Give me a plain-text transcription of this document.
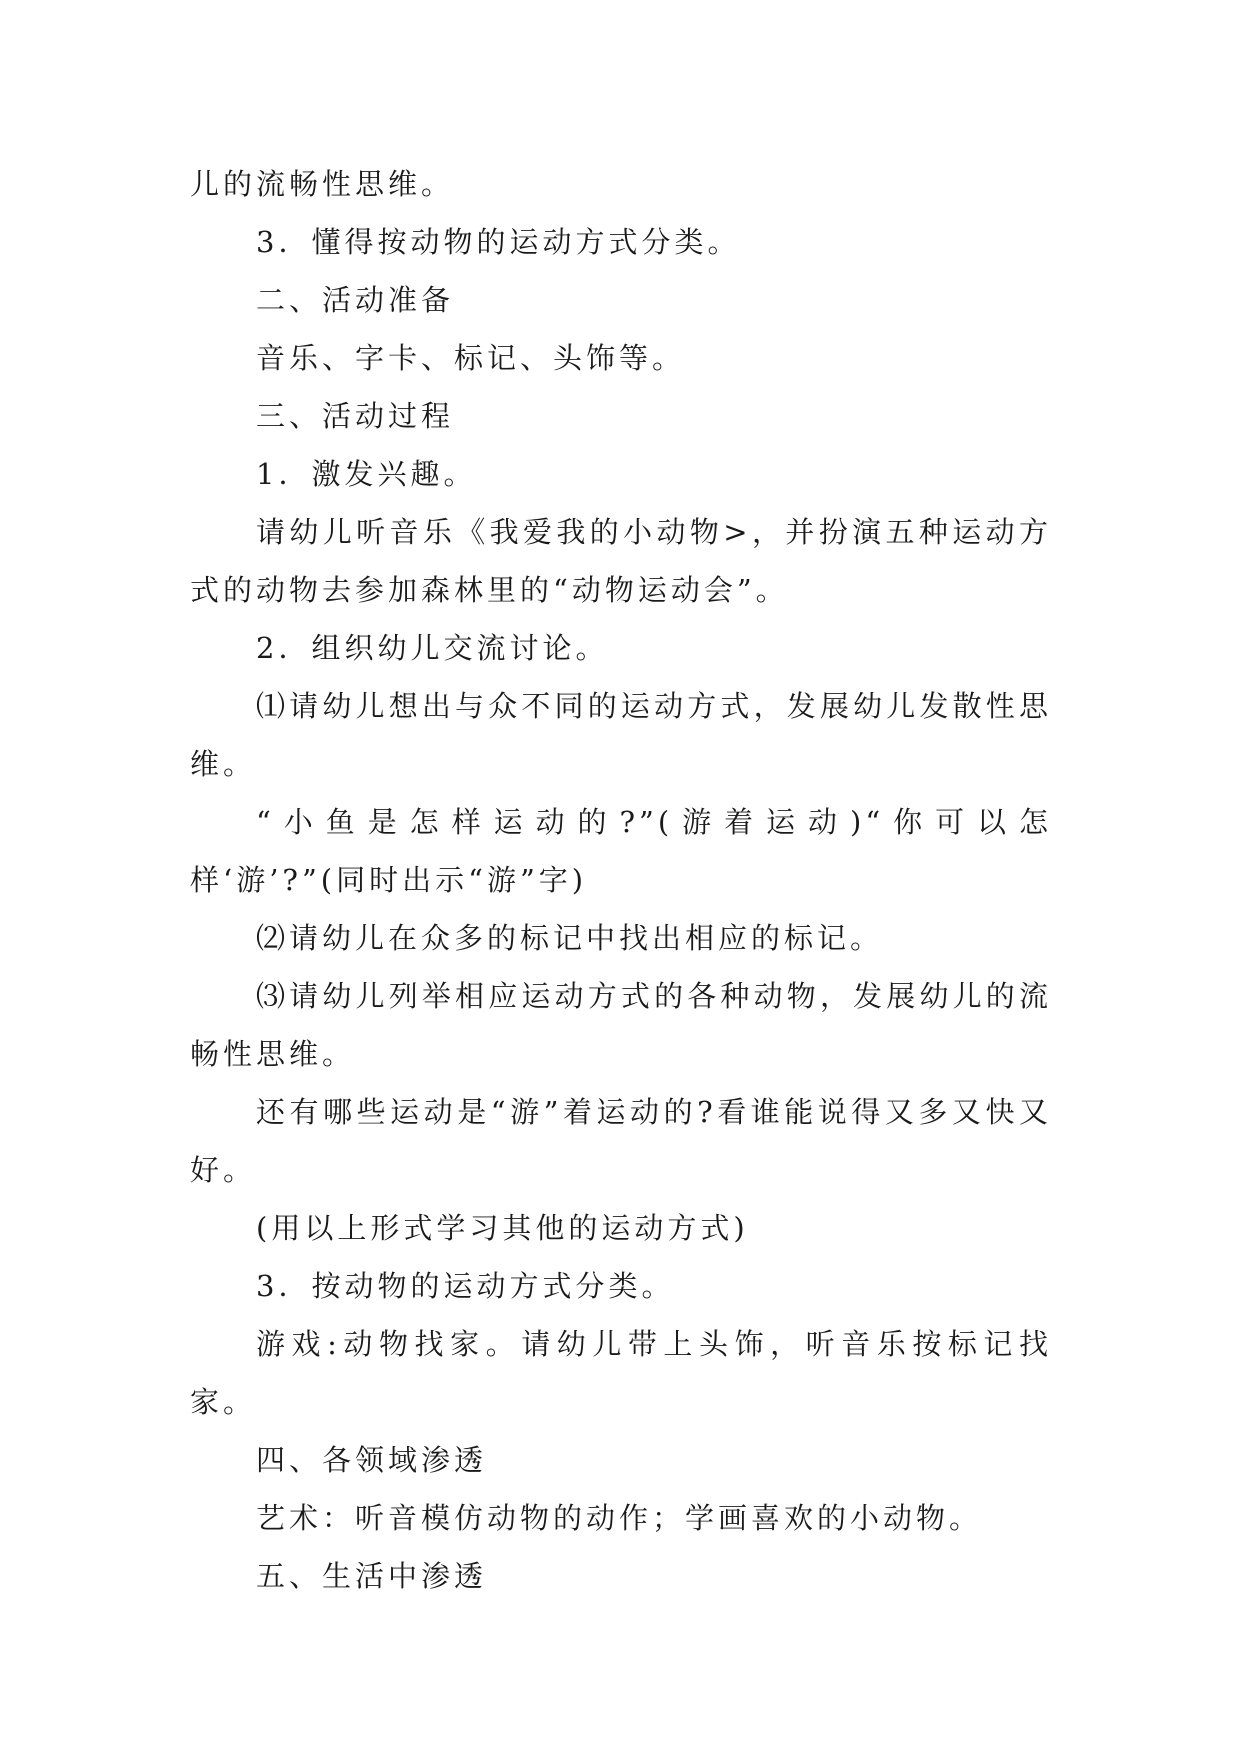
儿的流畅性思维。

3．懂得按动物的运动方式分类。

二、活动准备

音乐、字卡、标记、头饰等。

三、活动过程

1．激发兴趣。

请幼儿听音乐《我爱我的小动物>，并扮演五种运动方式的动物去参加森林里的“动物运动会”。

2．组织幼儿交流讨论。

⑴请幼儿想出与众不同的运动方式，发展幼儿发散性思维。

“小鱼是怎样运动的?”(游着运动)“你可以怎样‘游’?”(同时出示“游”字)

⑵请幼儿在众多的标记中找出相应的标记。

⑶请幼儿列举相应运动方式的各种动物，发展幼儿的流畅性思维。

还有哪些运动是“游”着运动的?看谁能说得又多又快又好。

(用以上形式学习其他的运动方式)

3．按动物的运动方式分类。

游戏:动物找家。请幼儿带上头饰，听音乐按标记找家。

四、各领域渗透

艺术：听音模仿动物的动作；学画喜欢的小动物。

五、生活中渗透
